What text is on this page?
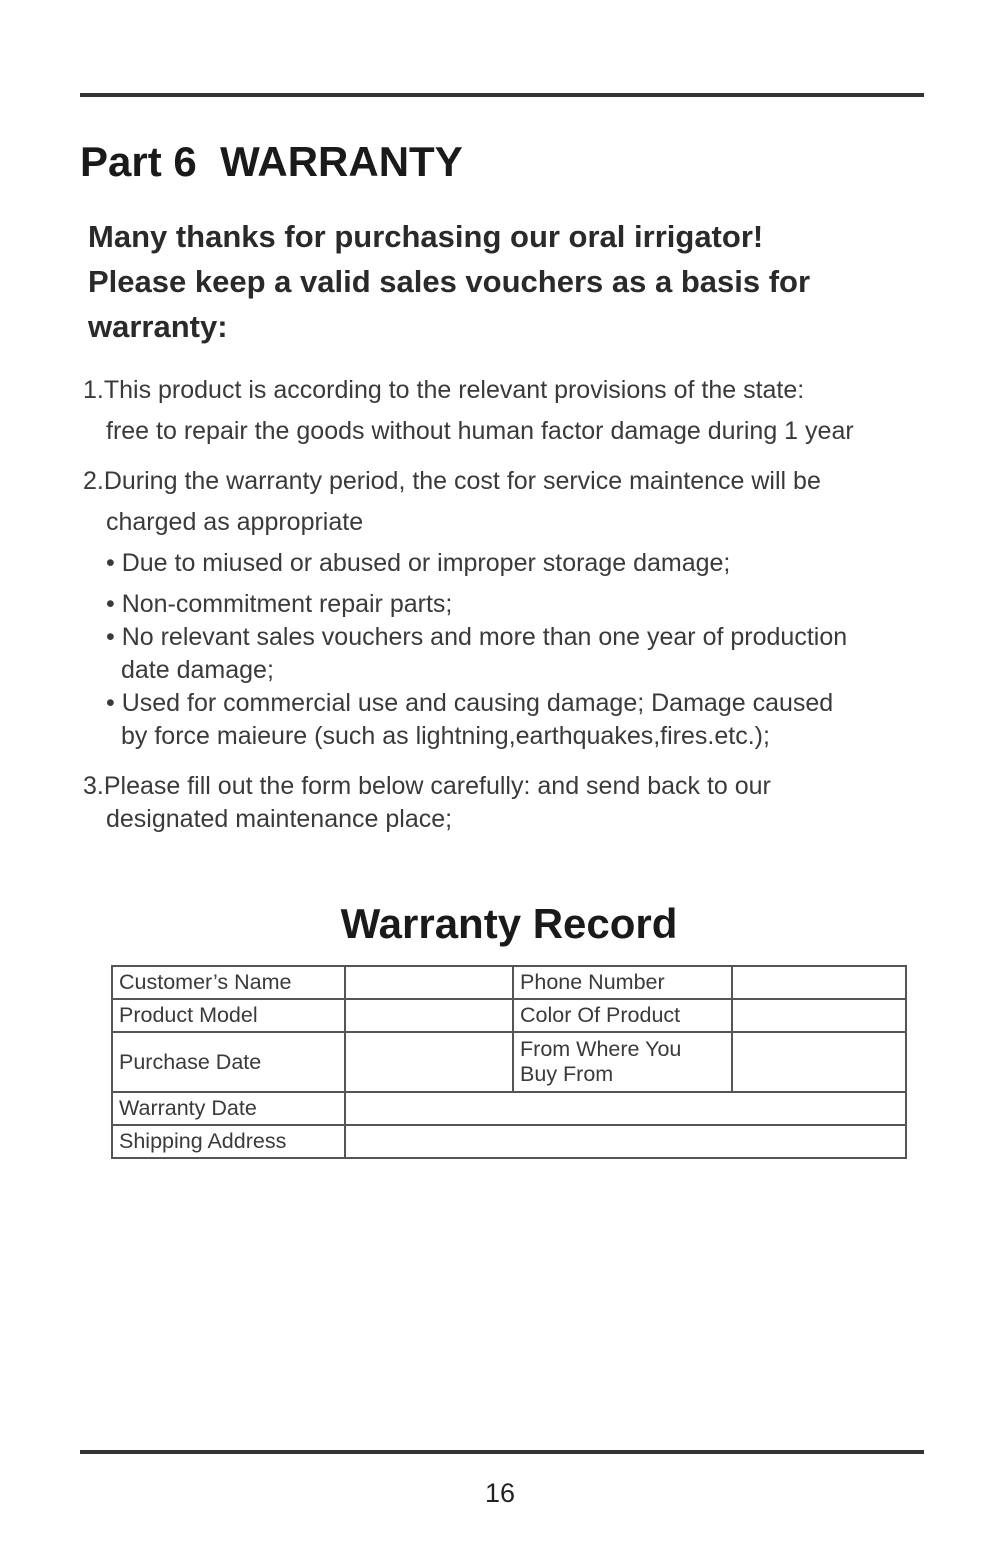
Part 6  WARRANTY
Many thanks for purchasing our oral irrigator!
Please keep a valid sales vouchers as a basis for
warranty:
1.This product is according to the relevant provisions of the state:
free to repair the goods without human factor damage during 1 year
2.During the warranty period, the cost for service maintence will be
charged as appropriate
• Due to miused or abused or improper storage damage;
• Non-commitment repair parts;
• No relevant sales vouchers and more than one year of production
date damage;
• Used for commercial use and causing damage; Damage caused
by force maieure (such as lightning,earthquakes,fires.etc.);
3.Please fill out the form below carefully: and send back to our
designated maintenance place;
Warranty Record
Customer’s Name		Phone Number	
Product Model		Color Of Product	
Purchase Date		From Where You
Buy From	

Warranty Date			
Shipping Address			
16
